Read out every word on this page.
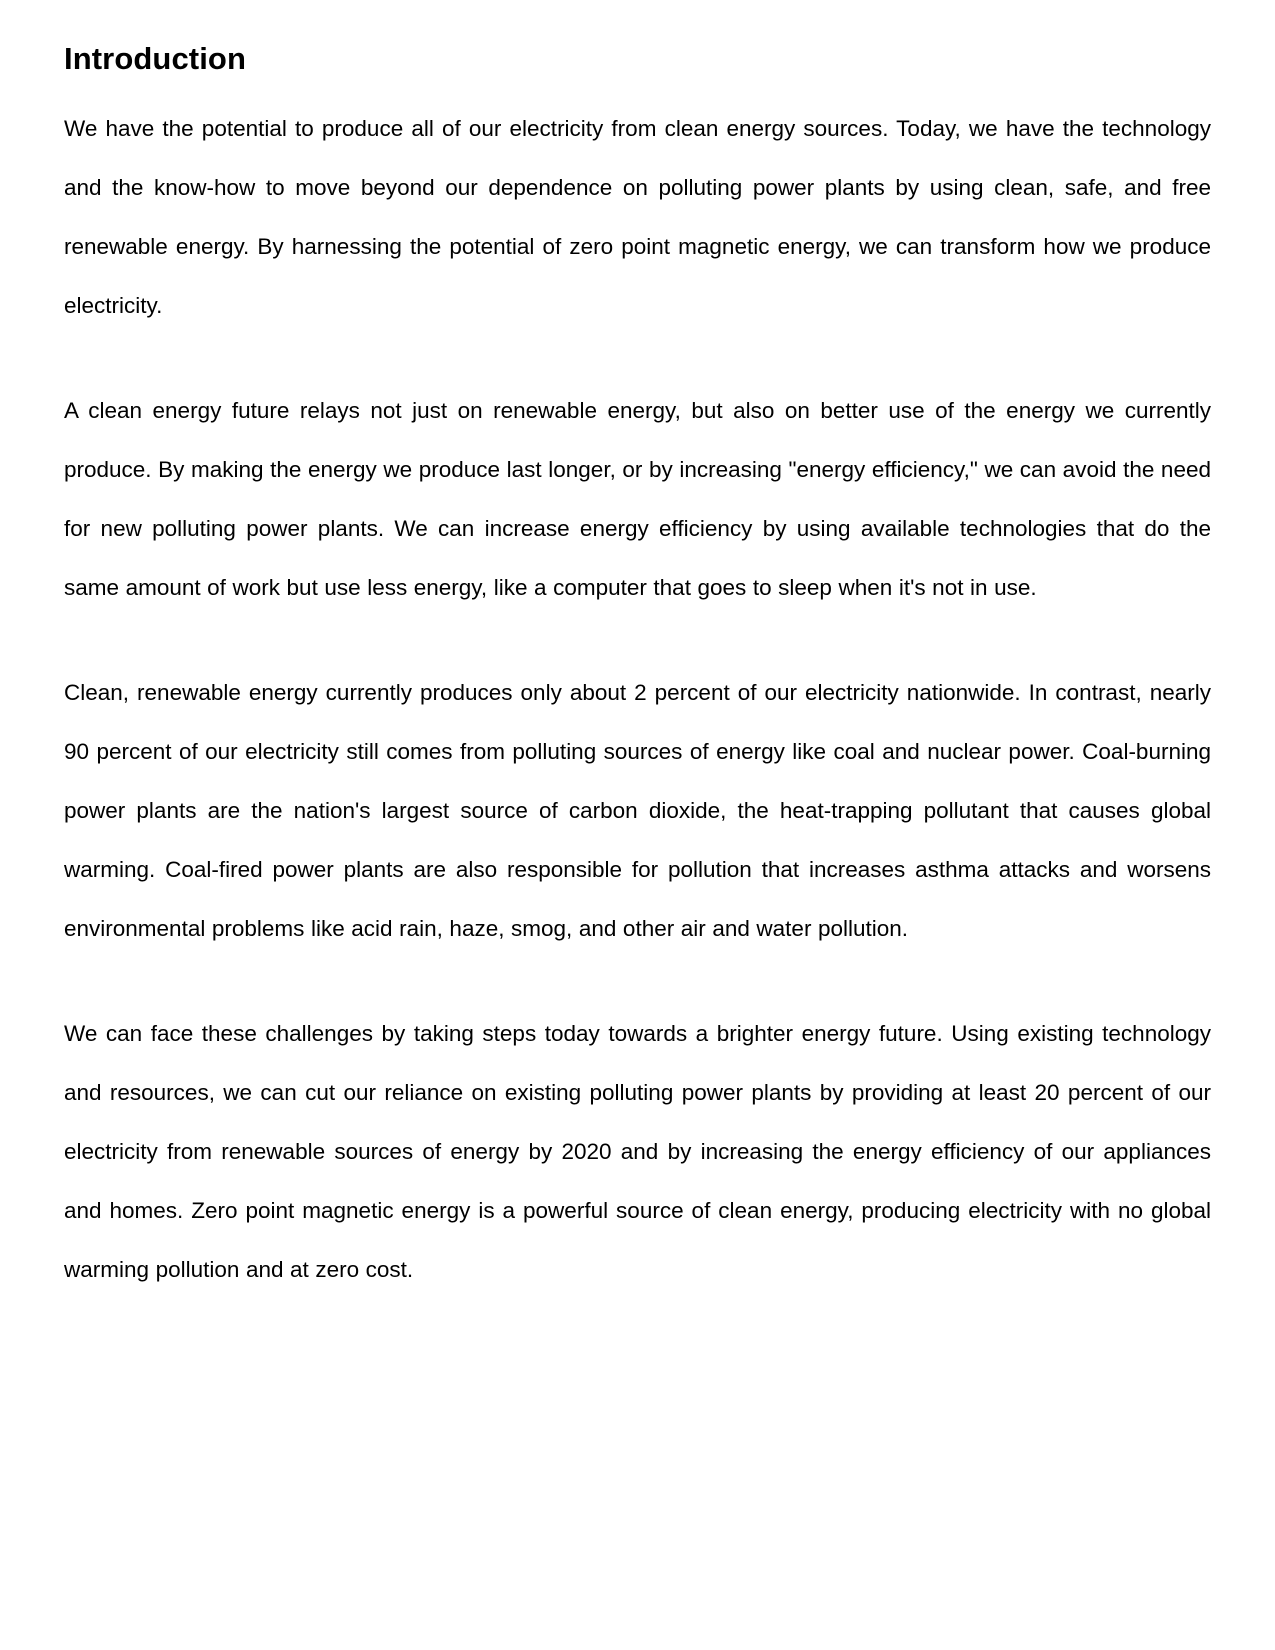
Introduction

We have the potential to produce all of our electricity from clean energy sources. Today, we have the technology and the know-how to move beyond our dependence on polluting power plants by using clean, safe, and free renewable energy. By harnessing the potential of zero point magnetic energy, we can transform how we produce electricity.

A clean energy future relays not just on renewable energy, but also on better use of the energy we currently produce. By making the energy we produce last longer, or by increasing "energy efficiency," we can avoid the need for new polluting power plants. We can increase energy efficiency by using available technologies that do the same amount of work but use less energy, like a computer that goes to sleep when it's not in use.

Clean, renewable energy currently produces only about 2 percent of our electricity nationwide. In contrast, nearly 90 percent of our electricity still comes from polluting sources of energy like coal and nuclear power. Coal-burning power plants are the nation's largest source of carbon dioxide, the heat-trapping pollutant that causes global warming. Coal-fired power plants are also responsible for pollution that increases asthma attacks and worsens environmental problems like acid rain, haze, smog, and other air and water pollution.

We can face these challenges by taking steps today towards a brighter energy future. Using existing technology and resources, we can cut our reliance on existing polluting power plants by providing at least 20 percent of our electricity from renewable sources of energy by 2020 and by increasing the energy efficiency of our appliances and homes. Zero point magnetic energy is a powerful source of clean energy, producing electricity with no global warming pollution and at zero cost.
